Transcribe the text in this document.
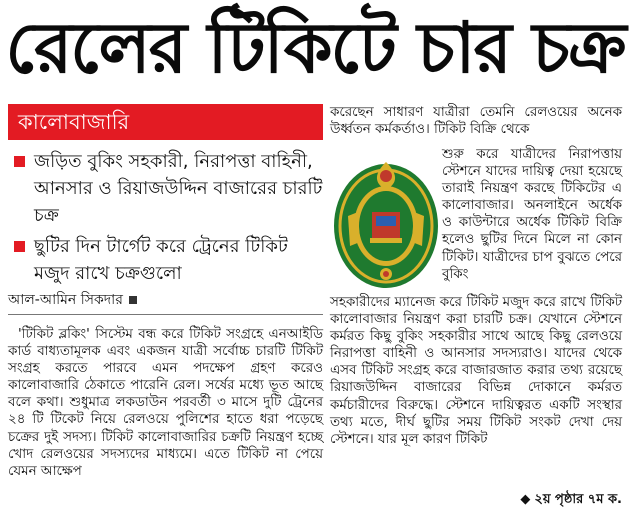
রেলের টিকিটে চার চক্র
কালোবাজারি
জড়িত বুকিং সহকারী, নিরাপত্তা বাহিনী, আনসার ও রিয়াজউদ্দিন বাজারের চারটি চক্র
ছুটির দিন টার্গেট করে ট্রেনের টিকিট মজুদ রাখে চক্রগুলো
আল-আমিন সিকদার

'টিকিট ব্লকিং' সিস্টেম বন্ধ করে টিকিট সংগ্রহে এনআইডি কার্ড বাধ্যতামূলক এবং একজন যাত্রী সর্বোচ্চ চারটি টিকিট সংগ্রহ করতে পারবে এমন পদক্ষেপ গ্রহণ করেও কালোবাজারি ঠেকাতে পারেনি রেল। সর্ষের মধ্যে ভূত আছে বলে কথা। শুধুমাত্র লকডাউন পরবর্তী ৩ মাসে দুটি ট্রেনের ২৪ টি টিকেট নিয়ে রেলওয়ে পুলিশের হাতে ধরা পড়েছে চক্রের দুই সদস্য। টিকিট কালোবাজারির চক্রটি নিয়ন্ত্রণ হচ্ছে খোদ রেলওয়ের সদস্যদের মাধ্যমে। এতে টিকিট না পেয়ে যেমন আক্ষেপ

করেছেন সাধারণ যাত্রীরা তেমনি রেলওয়ের অনেক উর্ধ্বতন কর্মকর্তাও। টিকিট বিক্রি থেকে

শুরু করে যাত্রীদের নিরাপত্তায় স্টেশনে যাদের দায়িত্ব দেয়া হয়েছে তারাই নিয়ন্ত্রণ করছে টিকিটের এ কালোবাজার। অনলাইনে অর্ধেক ও কাউন্টারে অর্ধেক টিকিট বিক্রি হলেও ছুটির দিনে মিলে না কোন টিকিট। যাত্রীদের চাপ বুঝতে পেরে বুকিং

সহকারীদের ম্যানেজ করে টিকিট মজুদ করে রাখে টিকিট কালোবাজার নিয়ন্ত্রণ করা চারটি চক্র। যেখানে স্টেশনে কর্মরত কিছু বুকিং সহকারীর সাথে আছে কিছু রেলওয়ে নিরাপত্তা বাহিনী ও আনসার সদস্যরাও। যাদের থেকে এসব টিকিট সংগ্রহ করে বাজারজাত করার তথ্য রয়েছে রিয়াজউদ্দিন বাজারের বিভিন্ন দোকানে কর্মরত কর্মচারীদের বিরুদ্ধে। স্টেশনে দায়িত্বরত একটি সংস্থার তথ্য মতে, দীর্ঘ ছুটির সময় টিকিট সংকট দেখা দেয় স্টেশনে। যার মূল কারণ টিকিট

◆ ২য় পৃষ্ঠার ৭ম ক.
